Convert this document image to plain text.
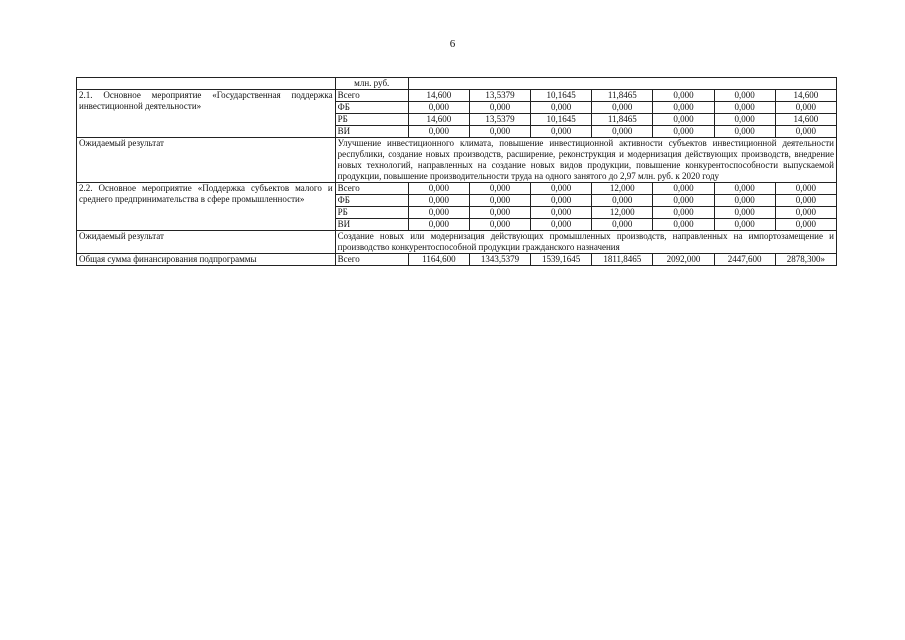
6
	млн. руб.							
2.1. Основное мероприятие «Государственная поддержка инвестиционной деятельности»	Всего	14,600	13,5379	10,1645	11,8465	0,000	0,000	14,600
	ФБ	0,000	0,000	0,000	0,000	0,000	0,000	0,000
	РБ	14,600	13,5379	10,1645	11,8465	0,000	0,000	14,600
	ВИ	0,000	0,000	0,000	0,000	0,000	0,000	0,000
Ожидаемый результат	Улучшение инвестиционного климата, повышение инвестиционной активности субъектов инвестиционной деятельности республики, создание новых производств, расширение, реконструкция и модернизация действующих производств, внедрение новых технологий, направленных на создание новых видов продукции, повышение конкурентоспособности выпускаемой продукции, повышение производительности труда на одного занятого до 2,97 млн. руб. к 2020 году							
2.2. Основное мероприятие «Поддержка субъектов малого и среднего предпринимательства в сфере промышленности»	Всего	0,000	0,000	0,000	12,000	0,000	0,000	0,000
	ФБ	0,000	0,000	0,000	0,000	0,000	0,000	0,000
	РБ	0,000	0,000	0,000	12,000	0,000	0,000	0,000
	ВИ	0,000	0,000	0,000	0,000	0,000	0,000	0,000
Ожидаемый результат	Создание новых или модернизация действующих промышленных производств, направленных на импортозамещение и производство конкурентоспособной продукции гражданского назначения							
Общая сумма финансирования подпрограммы	Всего	1164,600	1343,5379	1539,1645	1811,8465	2092,000	2447,600	2878,300»
